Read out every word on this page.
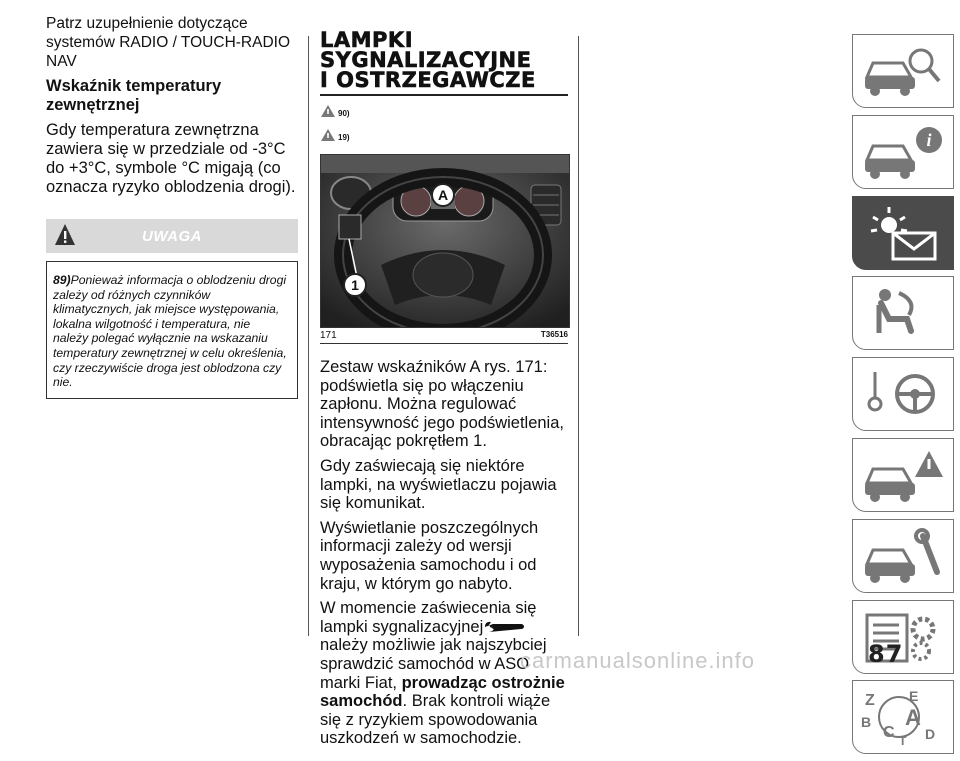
Patrz uzupełnienie dotyczące systemów RADIO / TOUCH-RADIO NAV

Wskaźnik temperatury zewnętrznej

Gdy temperatura zewnętrzna zawiera się w przedziale od -3°C do +3°C, symbole °C migają (co oznacza ryzyko oblodzenia drogi).

UWAGA

89)Ponieważ informacja o oblodzeniu drogi zależy od różnych czynników klimatycznych, jak miejsce występowania, lokalna wilgotność i temperatura, nie należy polegać wyłącznie na wskazaniu temperatury zewnętrznej w celu określenia, czy rzeczywiście droga jest oblodzona czy nie.

LAMPKI

SYGNALIZACYJNE

I OSTRZEGAWCZE

90)
19)
A
1
171	T36516

Zestaw wskaźników A rys. 171: podświetla się po włączeniu zapłonu. Można regulować intensywność jego podświetlenia, obracając pokrętłem 1.

Gdy zaświecają się niektóre lampki, na wyświetlaczu pojawia się komunikat.

Wyświetlanie poszczególnych informacji zależy od wersji wyposażenia samochodu i od kraju, w którym go nabyto.

W momencie zaświecenia się lampki sygnalizacyjnej należy możliwie jak najszybciej sprawdzić samochód w ASO marki Fiat, prowadząc ostrożnie samochód. Brak kontroli wiąże się z ryzykiem spowodowania uszkodzeń w samochodzie.

i
Z E
B
C
A
D
T
carmanualsonline.info	87
